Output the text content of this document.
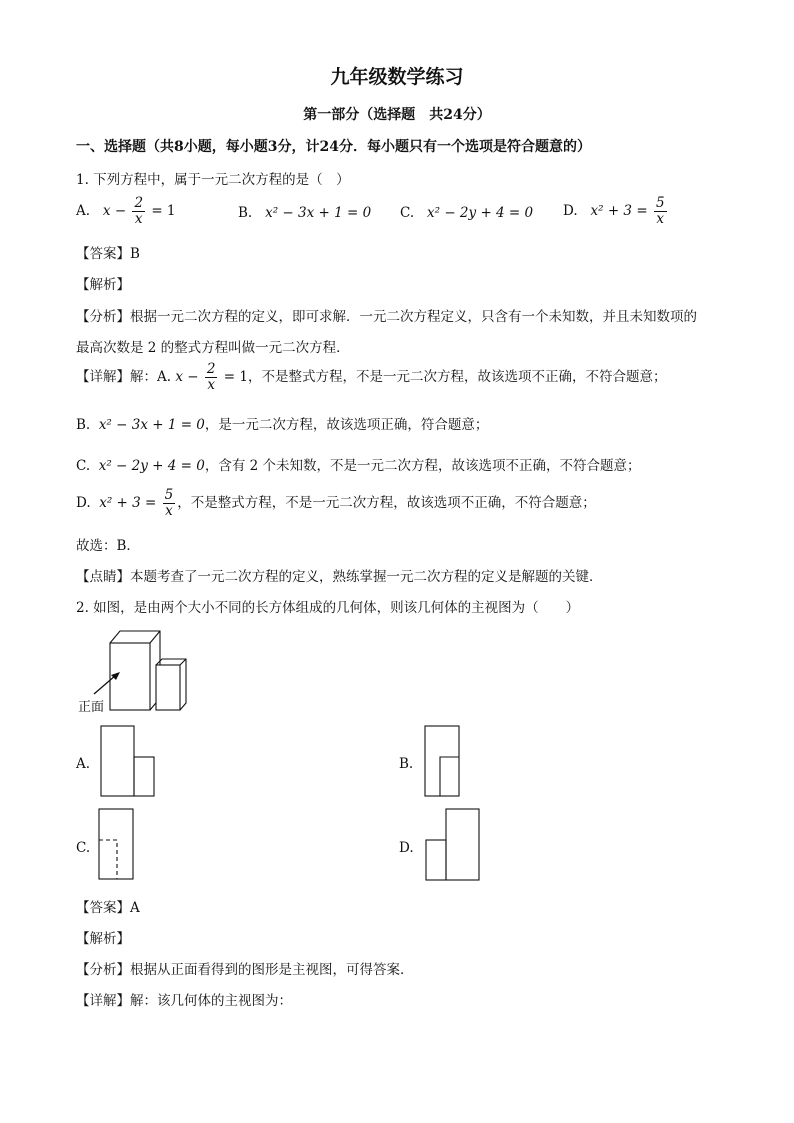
九年级数学练习
第一部分（选择题　共24分）
一、选择题（共8小题，每小题3分，计24分．每小题只有一个选项是符合题意的）
1. 下列方程中，属于一元二次方程的是（　）
A. $x - \frac{2}{x} = 1$	B. x² − 3x + 1 = 0 C. x² − 2y + 4 = 0 D. $x^2 + 3 = \frac{5}{x}$
【答案】B
【解析】
【分析】根据一元二次方程的定义，即可求解．一元二次方程定义，只含有一个未知数，并且未知数项的
最高次数是 2 的整式方程叫做一元二次方程．
【详解】解：A. $x - \frac{2}{x} = 1$，不是整式方程，不是一元二次方程，故该选项不正确，不符合题意；
B. x² − 3x + 1 = 0，是一元二次方程，故该选项正确，符合题意；
C. x² − 2y + 4 = 0，含有 2 个未知数，不是一元二次方程，故该选项不正确，不符合题意；
D. $x^2 + 3 = \frac{5}{x}$ ，不是整式方程，不是一元二次方程，故该选项不正确，不符合题意；
故选：B．
【点睛】本题考查了一元二次方程的定义，熟练掌握一元二次方程的定义是解题的关键．
2. 如图，是由两个大小不同的长方体组成的几何体，则该几何体的主视图为（　　）
正面
A.	B.
C.	D.
【答案】A
【解析】
【分析】根据从正面看得到的图形是主视图，可得答案．
【详解】解：该几何体的主视图为：
